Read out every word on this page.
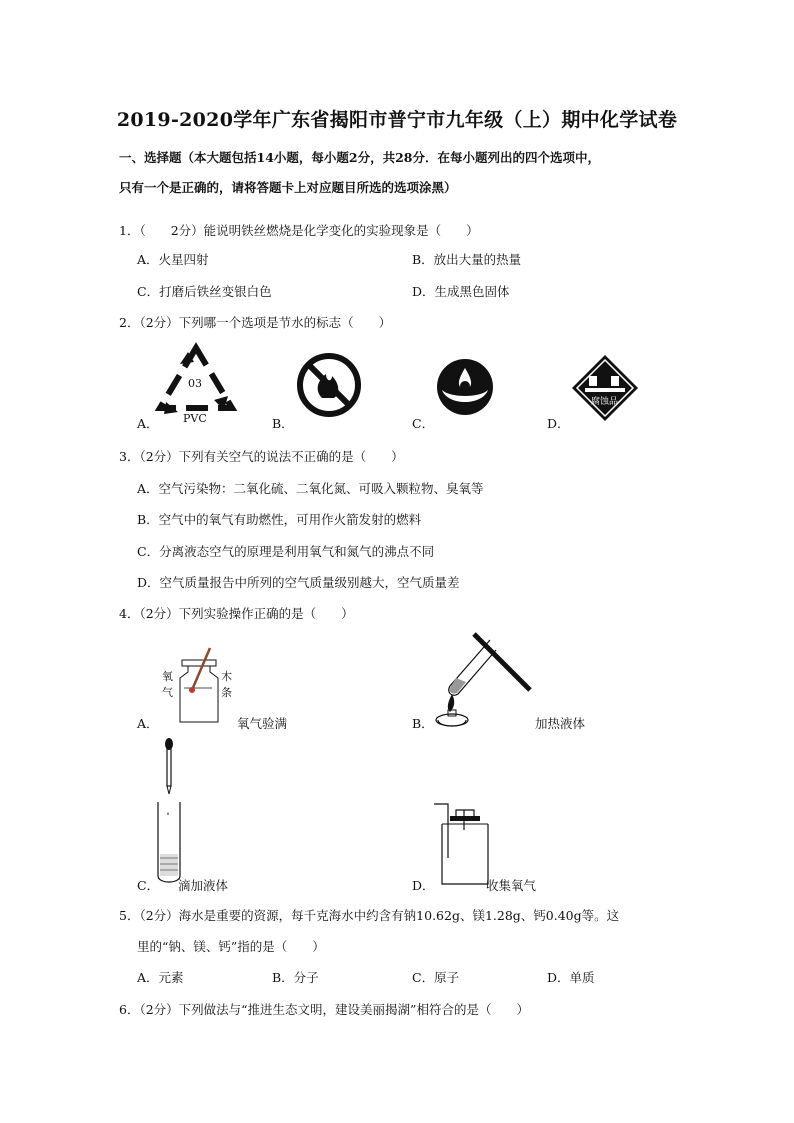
2019-2020学年广东省揭阳市普宁市九年级（上）期中化学试卷
一、选择题（本大题包括14小题，每小题2分，共28分．在每小题列出的四个选项中，
只有一个是正确的，请将答题卡上对应题目所选的选项涂黑）
1．（　　2分）能说明铁丝燃烧是化学变化的实验现象是（　　）
A．火星四射	B．放出大量的热量
C．打磨后铁丝变银白色	D．生成黑色固体
2．（2分）下列哪一个选项是节水的标志（　　）
03
PVC
腐蚀品
A．	B．	C．	D．
3．（2分）下列有关空气的说法不正确的是（　　）
A．空气污染物：二氧化硫、二氧化氮、可吸入颗粒物、臭氧等
B．空气中的氧气有助燃性，可用作火箭发射的燃料
C．分离液态空气的原理是利用氧气和氮气的沸点不同
D．空气质量报告中所列的空气质量级别越大，空气质量差
4．（2分）下列实验操作正确的是（　　）
氧
气
木
条
A．	氧气验满	B．	加热液体
C． 滴加液体	D．	收集氧气
5．（2分）海水是重要的资源，每千克海水中约含有钠10.62g、镁1.28g、钙0.40g等。这
里的“钠、镁、钙”指的是（　　）
A．元素	B．分子	C．原子	D．单质
6．（2分）下列做法与“推进生态文明，建设美丽揭湖”相符合的是（　　）
